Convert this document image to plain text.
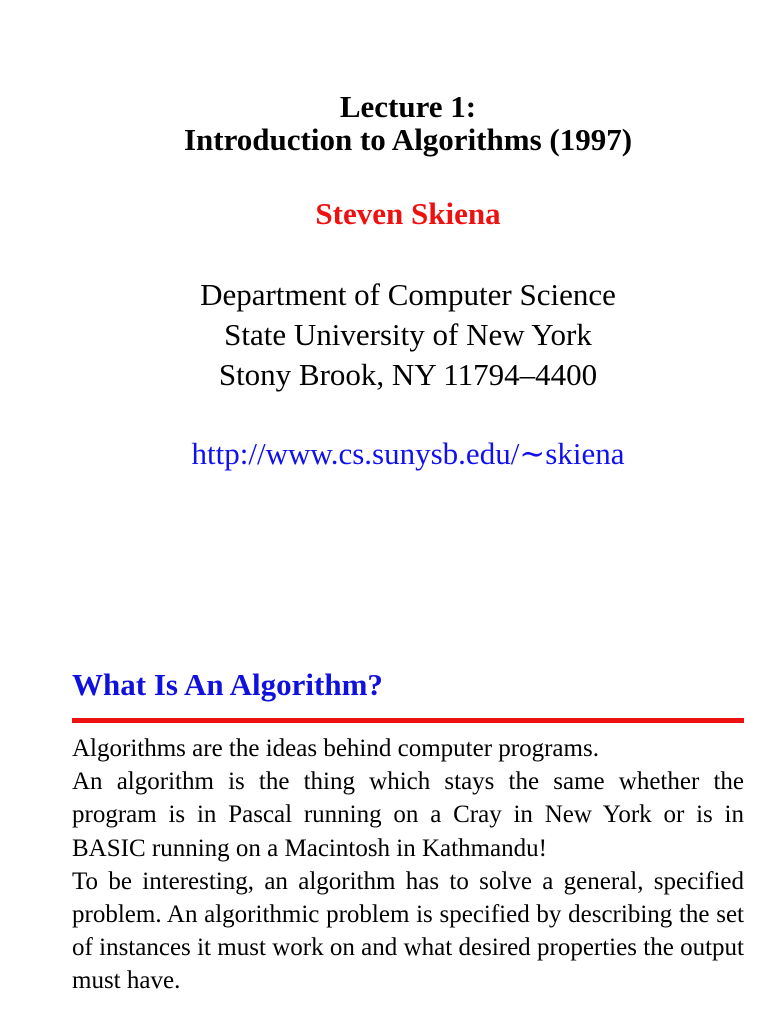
Lecture 1:
Introduction to Algorithms (1997)
Steven Skiena
Department of Computer Science
State University of New York
Stony Brook, NY 11794–4400
http://www.cs.sunysb.edu/∼skiena
What Is An Algorithm?

Algorithms are the ideas behind computer programs.

An algorithm is the thing which stays the same whether the program is in Pascal running on a Cray in New York or is in BASIC running on a Macintosh in Kathmandu!

To be interesting, an algorithm has to solve a general, specified problem. An algorithmic problem is specified by describing the set of instances it must work on and what desired properties the output must have.
